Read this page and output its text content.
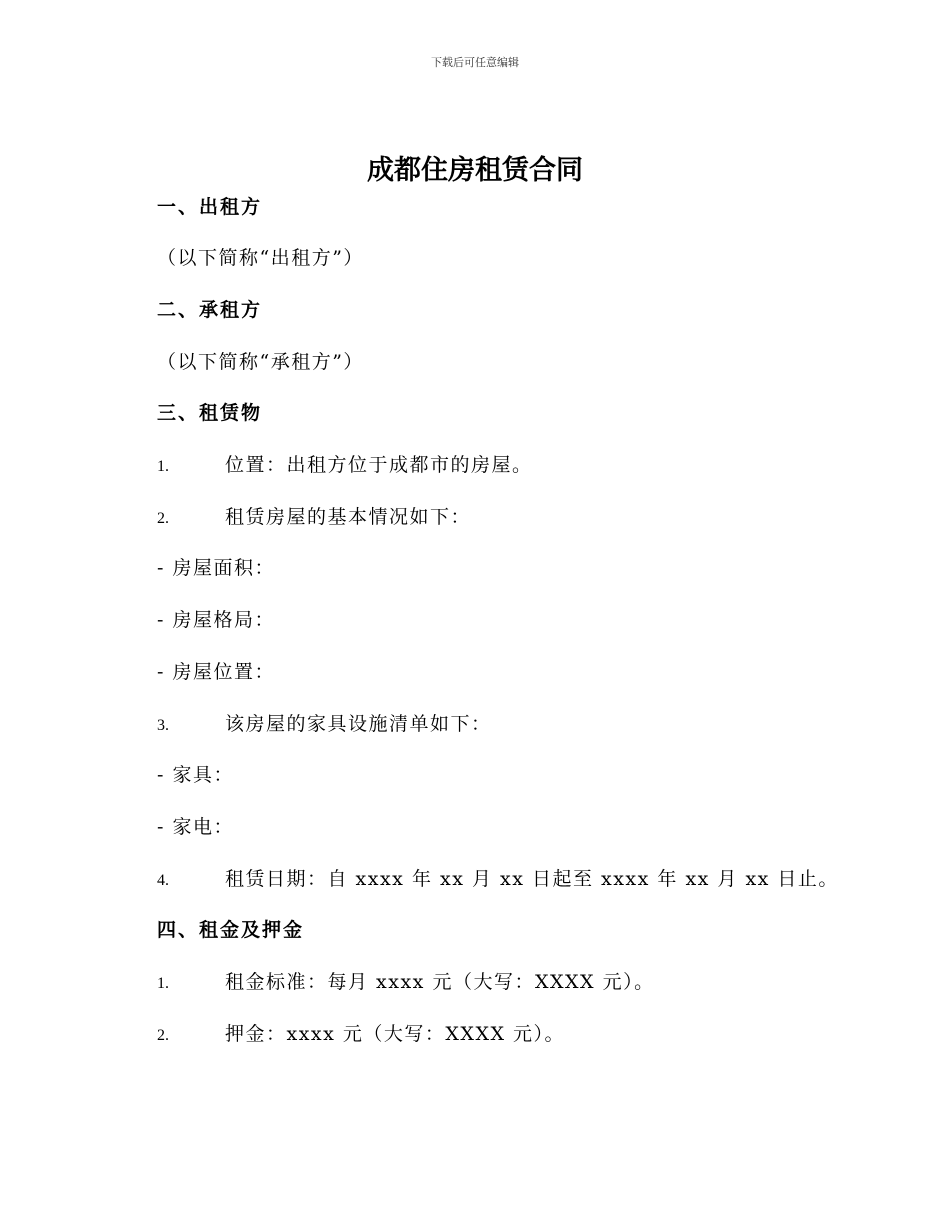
下载后可任意编辑
成都住房租赁合同
一、出租方
（以下简称“出租方”）
二、承租方
（以下简称“承租方”）
三、租赁物
1.	位置：出租方位于成都市的房屋。
2.	租赁房屋的基本情况如下：
- 房屋面积：
- 房屋格局：
- 房屋位置：
3.	该房屋的家具设施清单如下：
- 家具：
- 家电：
4.	租赁日期：自 xxxx 年 xx 月 xx 日起至 xxxx 年 xx 月 xx 日止。
四、租金及押金
1.	租金标准：每月 xxxx 元（大写：XXXX 元）。
2.	押金：xxxx 元（大写：XXXX 元）。
